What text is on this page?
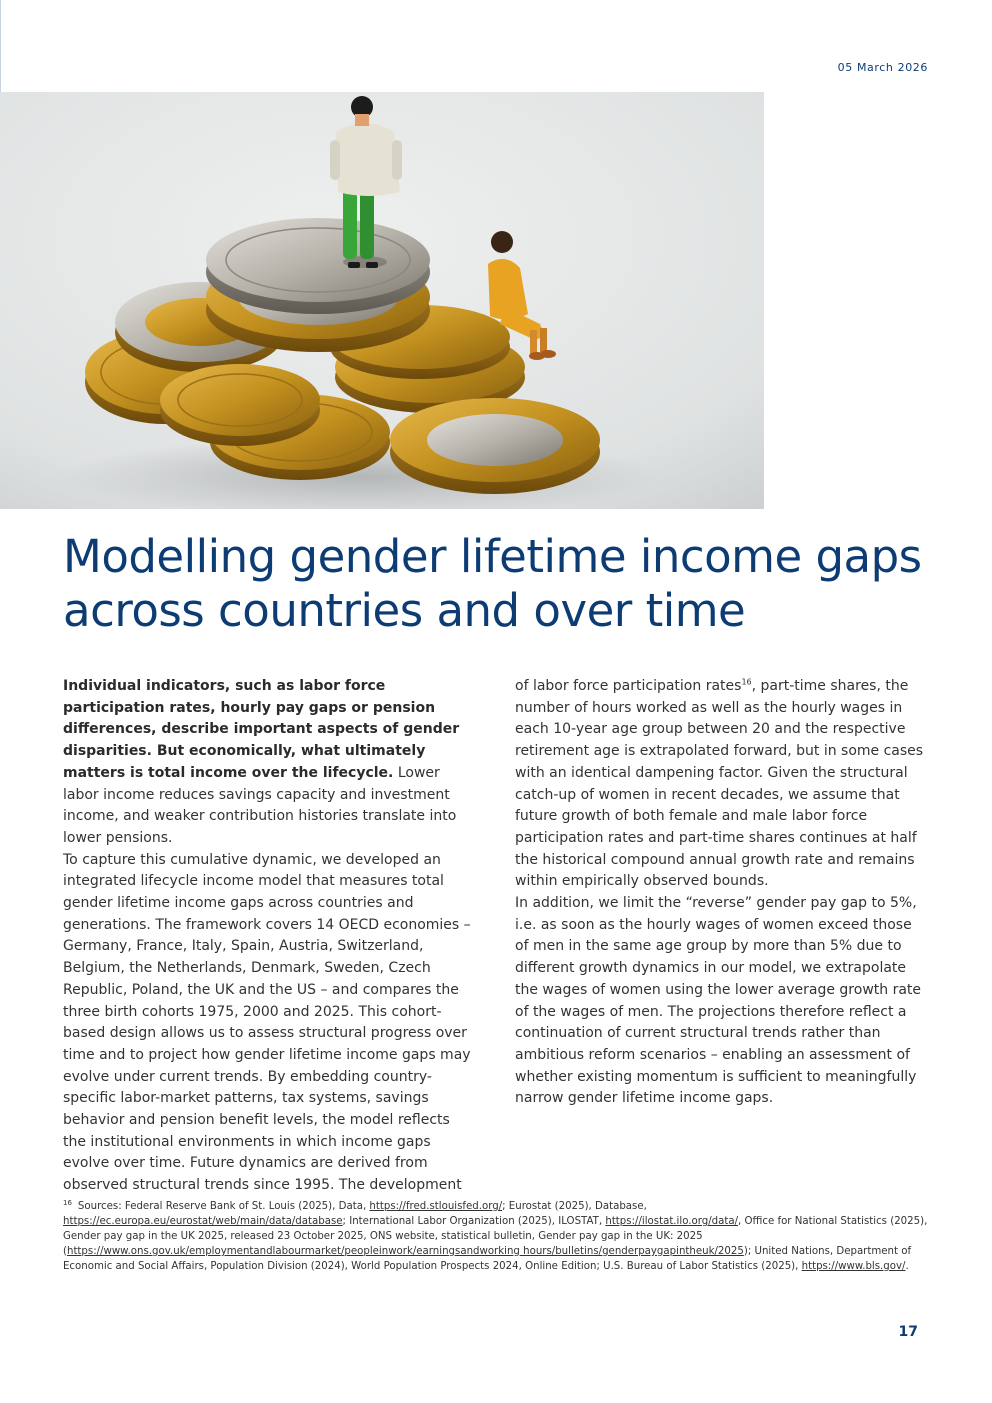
05 March 2026
Modelling gender lifetime income gaps across countries and over time

Individual indicators, such as labor force participation rates, hourly pay gaps or pension differences, describe important aspects of gender disparities. But economically, what ultimately matters is total income over the lifecycle. Lower labor income reduces savings capacity and investment income, and weaker contribution histories translate into lower pensions.

To capture this cumulative dynamic, we developed an integrated lifecycle income model that measures total gender lifetime income gaps across countries and generations. The framework covers 14 OECD economies – Germany, France, Italy, Spain, Austria, Switzerland, Belgium, the Netherlands, Denmark, Sweden, Czech Republic, Poland, the UK and the US – and compares the three birth cohorts 1975, 2000 and 2025. This cohort-based design allows us to assess structural progress over time and to project how gender lifetime income gaps may evolve under current trends. By embedding country-specific labor-market patterns, tax systems, savings behavior and pension benefit levels, the model reflects the institutional environments in which income gaps evolve over time. Future dynamics are derived from observed structural trends since 1995. The development

of labor force participation rates$^{16}$, part-time shares, the number of hours worked as well as the hourly wages in each 10-year age group between 20 and the respective retirement age is extrapolated forward, but in some cases with an identical dampening factor. Given the structural catch-up of women in recent decades, we assume that future growth of both female and male labor force participation rates and part-time shares continues at half the historical compound annual growth rate and remains within empirically observed bounds.

In addition, we limit the “reverse” gender pay gap to 5%, i.e. as soon as the hourly wages of women exceed those of men in the same age group by more than 5% due to different growth dynamics in our model, we extrapolate the wages of women using the lower average growth rate of the wages of men. The projections therefore reflect a continuation of current structural trends rather than ambitious reform scenarios – enabling an assessment of whether existing momentum is sufficient to meaningfully narrow gender lifetime income gaps.

$^{16}$ Sources: Federal Reserve Bank of St. Louis (2025), Data, https://fred.stlouisfed.org/; Eurostat (2025), Database, https://ec.europa.eu/eurostat/web/main/data/database; International Labor Organization (2025), ILOSTAT, https://ilostat.ilo.org/data/, Office for National Statistics (2025), Gender pay gap in the UK 2025, released 23 October 2025, ONS website, statistical bulletin, Gender pay gap in the UK: 2025 (https://www.ons.gov.uk/employmentandlabourmarket/peopleinwork/earningsandworking hours/bulletins/genderpaygapintheuk/2025); United Nations, Department of Economic and Social Affairs, Population Division (2024), World Population Prospects 2024, Online Edition; U.S. Bureau of Labor Statistics (2025), https://www.bls.gov/.
17
